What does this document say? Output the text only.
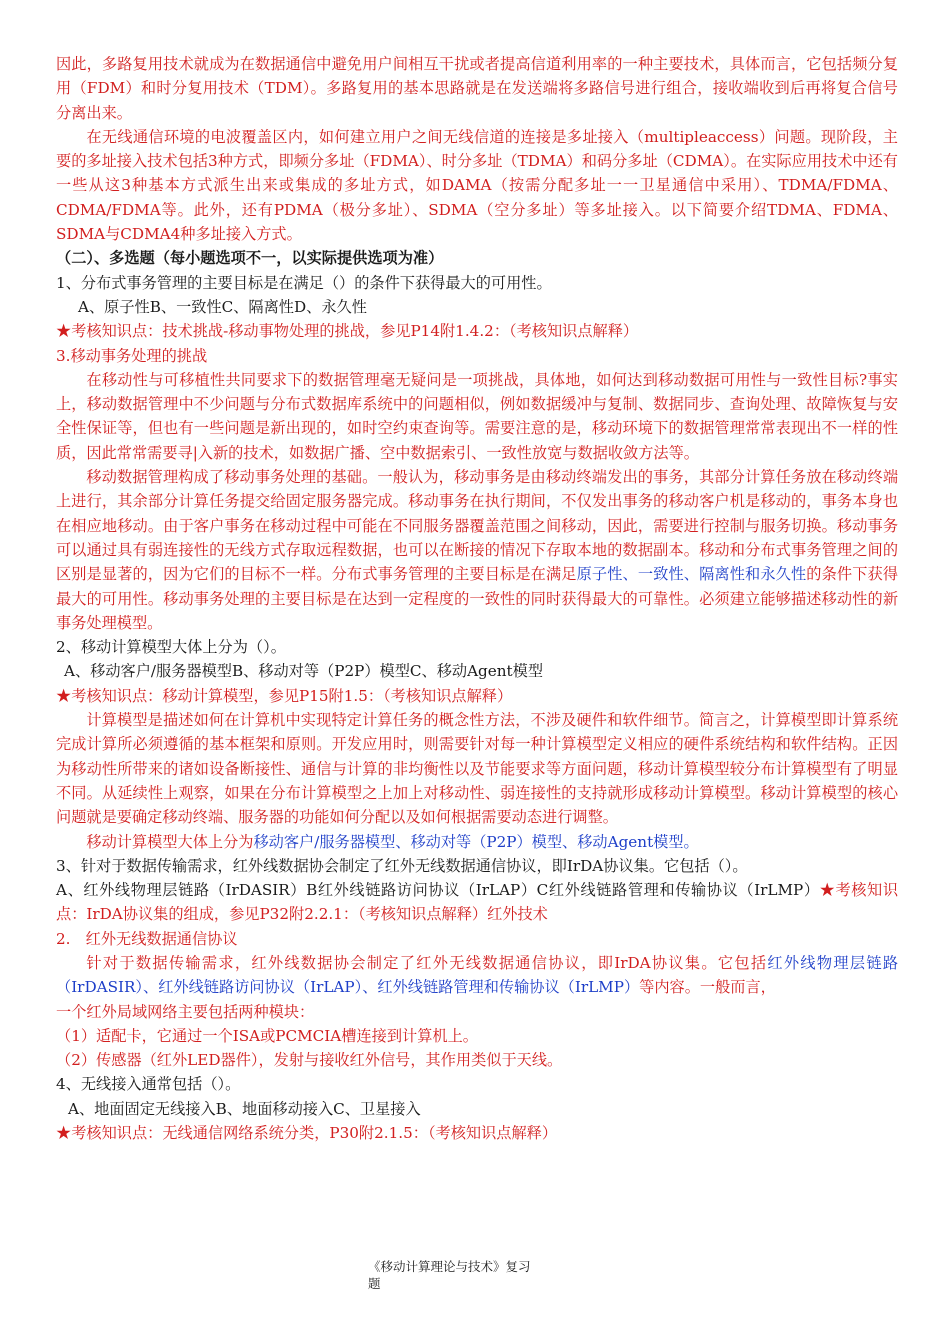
因此，多路复用技术就成为在数据通信中避免用户间相互干扰或者提高信道利用率的一种主要技术，具体而言，它包括频分复用（FDM）和时分复用技术（TDM）。多路复用的基本思路就是在发送端将多路信号进行组合，接收端收到后再将复合信号分离出来。

在无线通信环境的电波覆盖区内，如何建立用户之间无线信道的连接是多址接入（multipleaccess）问题。现阶段，主要的多址接入技术包括3种方式，即频分多址（FDMA）、时分多址（TDMA）和码分多址（CDMA）。在实际应用技术中还有一些从这3种基本方式派生出来或集成的多址方式，如DAMA（按需分配多址一一卫星通信中采用）、TDMA/FDMA、CDMA/FDMA等。此外，还有PDMA（极分多址）、SDMA（空分多址）等多址接入。以下简要介绍TDMA、FDMA、SDMA与CDMA4种多址接入方式。

（二）、多选题（每小题选项不一，以实际提供选项为准）

1、分布式事务管理的主要目标是在满足（）的条件下获得最大的可用性。

A、原子性B、一致性C、隔离性D、永久性

★考核知识点：技术挑战-移动事物处理的挑战，参见P14附1.4.2：（考核知识点解释）

3.移动事务处理的挑战

在移动性与可移植性共同要求下的数据管理毫无疑问是一项挑战，具体地，如何达到移动数据可用性与一致性目标?事实上，移动数据管理中不少问题与分布式数据库系统中的问题相似，例如数据缓冲与复制、数据同步、查询处理、故障恢复与安全性保证等，但也有一些问题是新出现的，如时空约束查询等。需要注意的是，移动环境下的数据管理常常表现出不一样的性质，因此常常需要寻|入新的技术，如数据广播、空中数据索引、一致性放宽与数据收敛方法等。

移动数据管理构成了移动事务处理的基础。一般认为，移动事务是由移动终端发出的事务，其部分计算任务放在移动终端上进行，其余部分计算任务提交给固定服务器完成。移动事务在执行期间，不仅发出事务的移动客户机是移动的，事务本身也在相应地移动。由于客户事务在移动过程中可能在不同服务器覆盖范围之间移动，因此，需要进行控制与服务切换。移动事务可以通过具有弱连接性的无线方式存取远程数据，也可以在断接的情况下存取本地的数据副本。移动和分布式事务管理之间的区别是显著的，因为它们的目标不一样。分布式事务管理的主要目标是在满足原子性、一致性、隔离性和永久性的条件下获得最大的可用性。移动事务处理的主要目标是在达到一定程度的一致性的同时获得最大的可靠性。必须建立能够描述移动性的新事务处理模型。

2、移动计算模型大体上分为（）。

A、移动客户/服务器模型B、移动对等（P2P）模型C、移动Agent模型

★考核知识点：移动计算模型，参见P15附1.5：（考核知识点解释）

计算模型是描述如何在计算机中实现特定计算任务的概念性方法，不涉及硬件和软件细节。简言之，计算模型即计算系统完成计算所必须遵循的基本框架和原则。开发应用时，则需要针对每一种计算模型定义相应的硬件系统结构和软件结构。正因为移动性所带来的诸如设备断接性、通信与计算的非均衡性以及节能要求等方面问题，移动计算模型较分布计算模型有了明显不同。从延续性上观察，如果在分布计算模型之上加上对移动性、弱连接性的支持就形成移动计算模型。移动计算模型的核心问题就是要确定移动终端、服务器的功能如何分配以及如何根据需要动态进行调整。

移动计算模型大体上分为移动客户/服务器模型、移动对等（P2P）模型、移动Agent模型。

3、针对于数据传输需求，红外线数据协会制定了红外无线数据通信协议，即IrDA协议集。它包括（）。

A、红外线物理层链路（IrDASIR）B红外线链路访问协议（IrLAP）C红外线链路管理和传输协议（IrLMP）★考核知识点：IrDA协议集的组成，参见P32附2.2.1：（考核知识点解释）红外技术

2.　红外无线数据通信协议

针对于数据传输需求，红外线数据协会制定了红外无线数据通信协议，即IrDA协议集。它包括红外线物理层链路（IrDASIR）、红外线链路访问协议（IrLAP）、红外线链路管理和传输协议（IrLMP）等内容。一般而言，

一个红外局域网络主要包括两种模块：

（1）适配卡，它通过一个ISA或PCMCIA槽连接到计算机上。

（2）传感器（红外LED器件），发射与接收红外信号，其作用类似于天线。

4、无线接入通常包括（）。

A、地面固定无线接入B、地面移动接入C、卫星接入

★考核知识点：无线通信网络系统分类，P30附2.1.5：（考核知识点解释）

《移动计算理论与技术》复习
题
